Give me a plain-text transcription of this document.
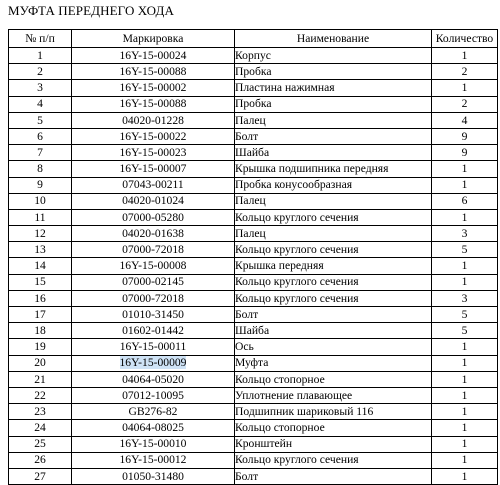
МУФТА ПЕРЕДНЕГО ХОДА
№ п/п	Маркировка	Наименование	Количество
1	16Y-15-00024	Корпус	1
2	16Y-15-00088	Пробка	2
3	16Y-15-00002	Пластина нажимная	1
4	16Y-15-00088	Пробка	2
5	04020-01228	Палец	4
6	16Y-15-00022	Болт	9
7	16Y-15-00023	Шайба	9
8	16Y-15-00007	Крышка подшипника передняя	1
9	07043-00211	Пробка конусообразная	1
10	04020-01024	Палец	6
11	07000-05280	Кольцо круглого сечения	1
12	04020-01638	Палец	3
13	07000-72018	Кольцо круглого сечения	5
14	16Y-15-00008	Крышка передняя	1
15	07000-02145	Кольцо круглого сечения	1
16	07000-72018	Кольцо круглого сечения	3
17	01010-31450	Болт	5
18	01602-01442	Шайба	5
19	16Y-15-00011	Ось	1
20	16Y-15-00009	Муфта	1
21	04064-05020	Кольцо стопорное	1
22	07012-10095	Уплотнение плавающее	1
23	GB276-82	Подшипник шариковый 116	1
24	04064-08025	Кольцо стопорное	1
25	16Y-15-00010	Кронштейн	1
26	16Y-15-00012	Кольцо круглого сечения	1
27	01050-31480	Болт	1
